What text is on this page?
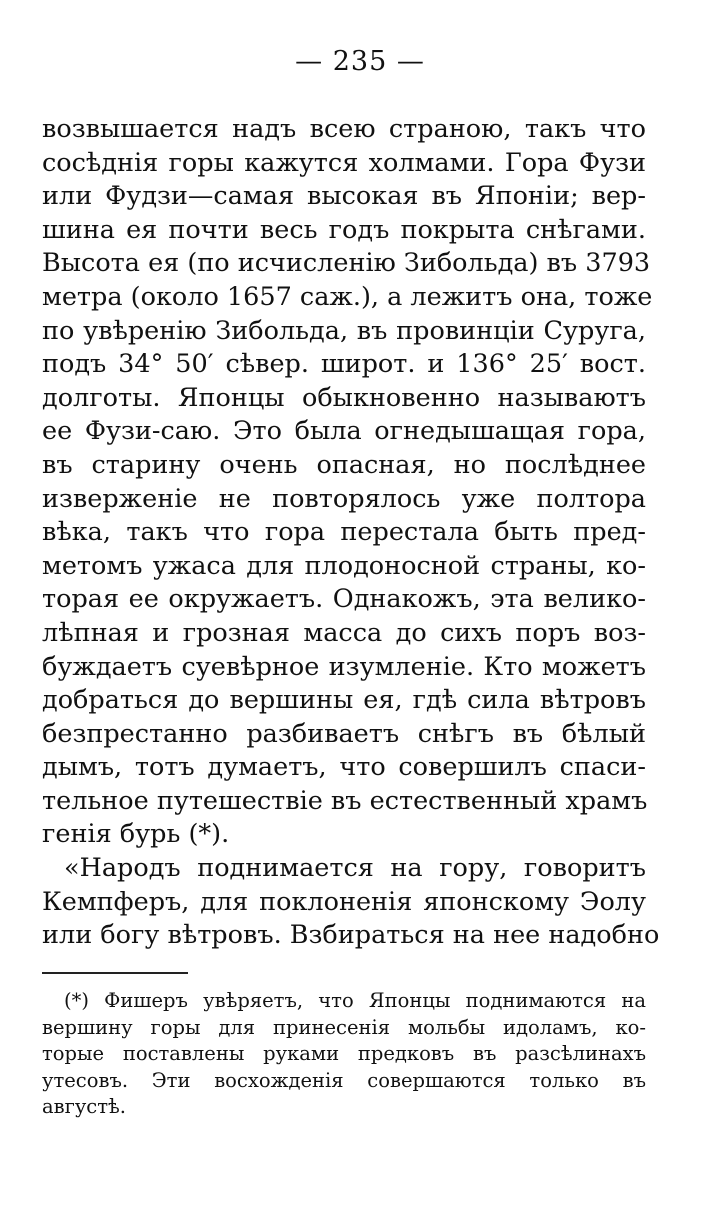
— 235 —
возвышается надъ всею страною, такъ что
сосѣднія горы кажутся холмами. Гора Фузи
или Фудзи—самая высокая въ Японіи; вер-
шина ея почти весь годъ покрыта снѣгами.
Высота ея (по исчисленію Зибольда) въ 3793
метра (около 1657 саж.), а лежитъ она, тоже
по увѣренію Зибольда, въ провинціи Суруга,
подъ 34° 50′ сѣвер. широт. и 136° 25′ вост.
долготы. Японцы обыкновенно называютъ
ее Фузи-саю. Это была огнедышащая гора,
въ старину очень опасная, но послѣднее
изверженіе не повторялось уже полтора
вѣка, такъ что гора перестала быть пред-
метомъ ужаса для плодоносной страны, ко-
торая ее окружаетъ. Однакожъ, эта велико-
лѣпная и грозная масса до сихъ поръ воз-
буждаетъ суевѣрное изумленіе. Кто можетъ
добраться до вершины ея, гдѣ сила вѣтровъ
безпрестанно разбиваетъ снѣгъ въ бѣлый
дымъ, тотъ думаетъ, что совершилъ спаси-
тельное путешествіе въ естественный храмъ
генія бурь (*).
«Народъ поднимается на гору, говоритъ
Кемпферъ, для поклоненія японскому Эолу
или богу вѣтровъ. Взбираться на нее надобно
(*) Фишеръ увѣряетъ, что Японцы поднимаются на
вершину горы для принесенія мольбы идоламъ, ко-
торые поставлены руками предковъ въ разсѣлинахъ
утесовъ. Эти восхожденія совершаются только въ
августѣ.
